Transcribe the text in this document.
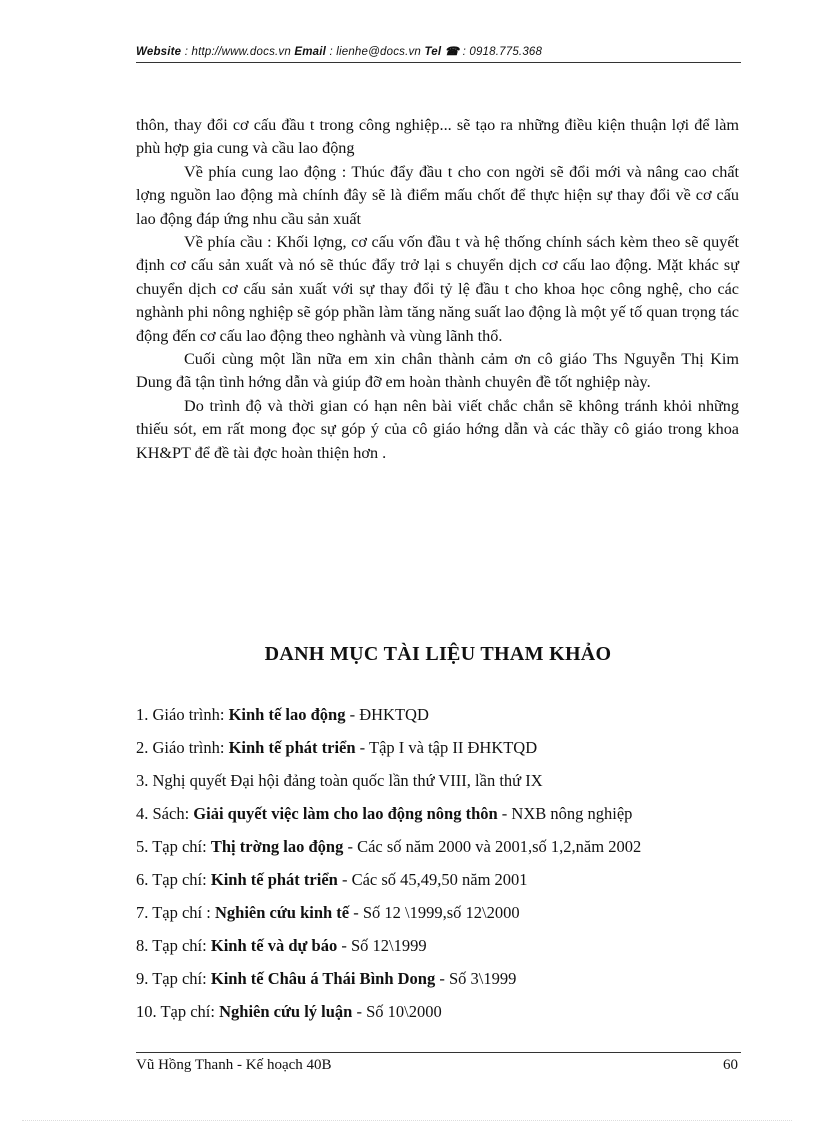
Website : http://www.docs.vn Email : lienhe@docs.vn Tel ☎ : 0918.775.368

thôn, thay đổi cơ cấu đầu t trong công nghiệp... sẽ tạo ra những điều kiện thuận lợi để làm phù hợp gia cung và cầu lao động

Về phía cung lao động : Thúc đẩy đầu t cho con ngời sẽ đổi mới và nâng cao chất lợng nguồn lao động mà chính đây sẽ là điểm mấu chốt để thực hiện sự thay đổi về cơ cấu lao động đáp ứng nhu cầu sản xuất

Về phía cầu : Khối lợng, cơ cấu vốn đầu t và hệ thống chính sách kèm theo sẽ quyết định cơ cấu sản xuất và nó sẽ thúc đẩy trở lại s chuyển dịch cơ cấu lao động. Mặt khác sự chuyển dịch cơ cấu sản xuất với sự thay đổi tỷ lệ đầu t cho khoa học công nghệ, cho các nghành phi nông nghiệp sẽ góp phần làm tăng năng suất lao động là một yế tố quan trọng tác động đến cơ cấu lao động theo nghành và vùng lãnh thổ.

Cuối cùng một lần nữa em xin chân thành cảm ơn cô giáo Ths Nguyễn Thị Kim Dung đã tận tình hớng dẫn và giúp đỡ em hoàn thành chuyên đề tốt nghiệp này.

Do trình độ và thời gian có hạn nên bài viết chắc chắn sẽ không tránh khỏi những thiếu sót, em rất mong đọc sự góp ý của cô giáo hớng dẫn và các thầy cô giáo trong khoa KH&PT để đề tài đợc hoàn thiện hơn .

DANH MỤC TÀI LIỆU THAM KHẢO
1. Giáo trình: Kinh tế lao động - ĐHKTQD
2. Giáo trình: Kinh tế phát triển - Tập I và tập II ĐHKTQD
3. Nghị quyết Đại hội đảng toàn quốc lần thứ VIII, lần thứ IX
4. Sách: Giải quyết việc làm cho lao động nông thôn - NXB nông nghiệp
5. Tạp chí: Thị trờng lao động - Các số năm 2000 và 2001,số 1,2,năm 2002
6. Tạp chí: Kinh tế phát triển - Các số 45,49,50 năm 2001
7. Tạp chí : Nghiên cứu kinh tế - Số 12 \1999,số 12\2000
8. Tạp chí: Kinh tế và dự báo - Số 12\1999
9. Tạp chí: Kinh tế Châu á Thái Bình Dong - Số 3\1999
10. Tạp chí: Nghiên cứu lý luận - Số 10\2000
Vũ Hồng Thanh - Kế hoạch 40B	60
